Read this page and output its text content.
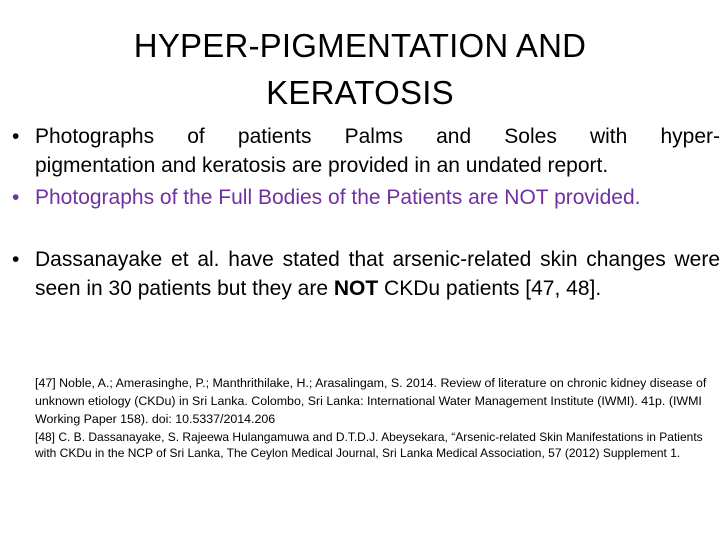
HYPER-PIGMENTATION AND
KERATOSIS
• Photographs of patients Palms and Soles with hyper-
pigmentation and keratosis are provided in an undated report.
• Photographs of the Full Bodies of the Patients are NOT provided.
• Dassanayake et al. have stated that arsenic-related skin changes were seen in 30 patients but they are NOT CKDu patients [47, 48].
[47] Noble, A.; Amerasinghe, P.; Manthrithilake, H.; Arasalingam, S. 2014. Review of literature on chronic kidney disease of unknown etiology (CKDu) in Sri Lanka. Colombo, Sri Lanka: International Water Management Institute (IWMI). 41p. (IWMI Working Paper 158). doi: 10.5337/2014.206
[48] C. B. Dassanayake, S. Rajeewa Hulangamuwa and D.T.D.J. Abeysekara, “Arsenic-related Skin Manifestations in Patients with CKDu in the NCP of Sri Lanka, The Ceylon Medical Journal, Sri Lanka Medical Association, 57 (2012) Supplement 1.
